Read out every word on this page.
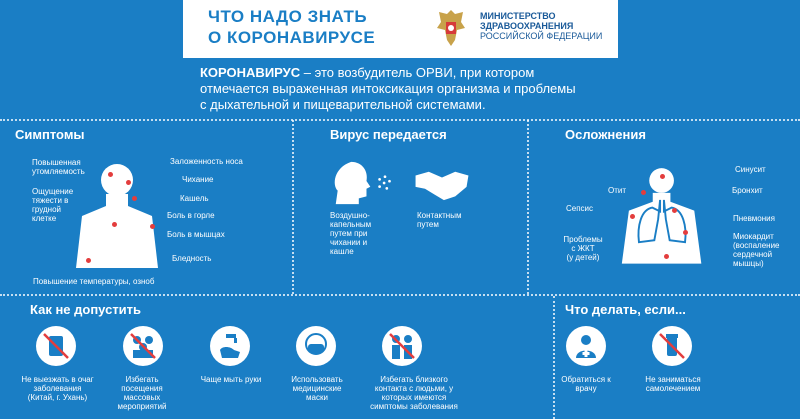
ЧТО НАДО ЗНАТЬ
О КОРОНАВИРУСЕ
МИНИСТЕРСТВО
ЗДРАВООХРАНЕНИЯ
РОССИЙСКОЙ ФЕДЕРАЦИИ
КОРОНАВИРУС – это возбудитель ОРВИ, при котором
отмечается выраженная интоксикация организма и проблемы
с дыхательной и пищеварительной системами.
Симптомы
Повышенная утомляемость
Ощущение тяжести в грудной клетке
Заложенность носа
Чихание
Кашель
Боль в горле
Боль в мышцах
Бледность
Повышение температуры, озноб
Вирус передается
Воздушно-капельным путем при чихании и кашле
Контактным путем
Осложнения
Синусит
Отит	Бронхит
Сепсис
Пневмония
Проблемы
с ЖКТ
(у детей)
Миокардит
(воспаление
сердечной
мышцы)
Как не допустить
Не выезжать в очаг заболевания (Китай, г. Ухань)
Избегать посещения массовых мероприятий
Чаще мыть руки	Использовать медицинские маски
Избегать близкого контакта с людьми, у которых имеются симптомы заболевания
Что делать, если...
Обратиться к врачу
Не заниматься самолечением
